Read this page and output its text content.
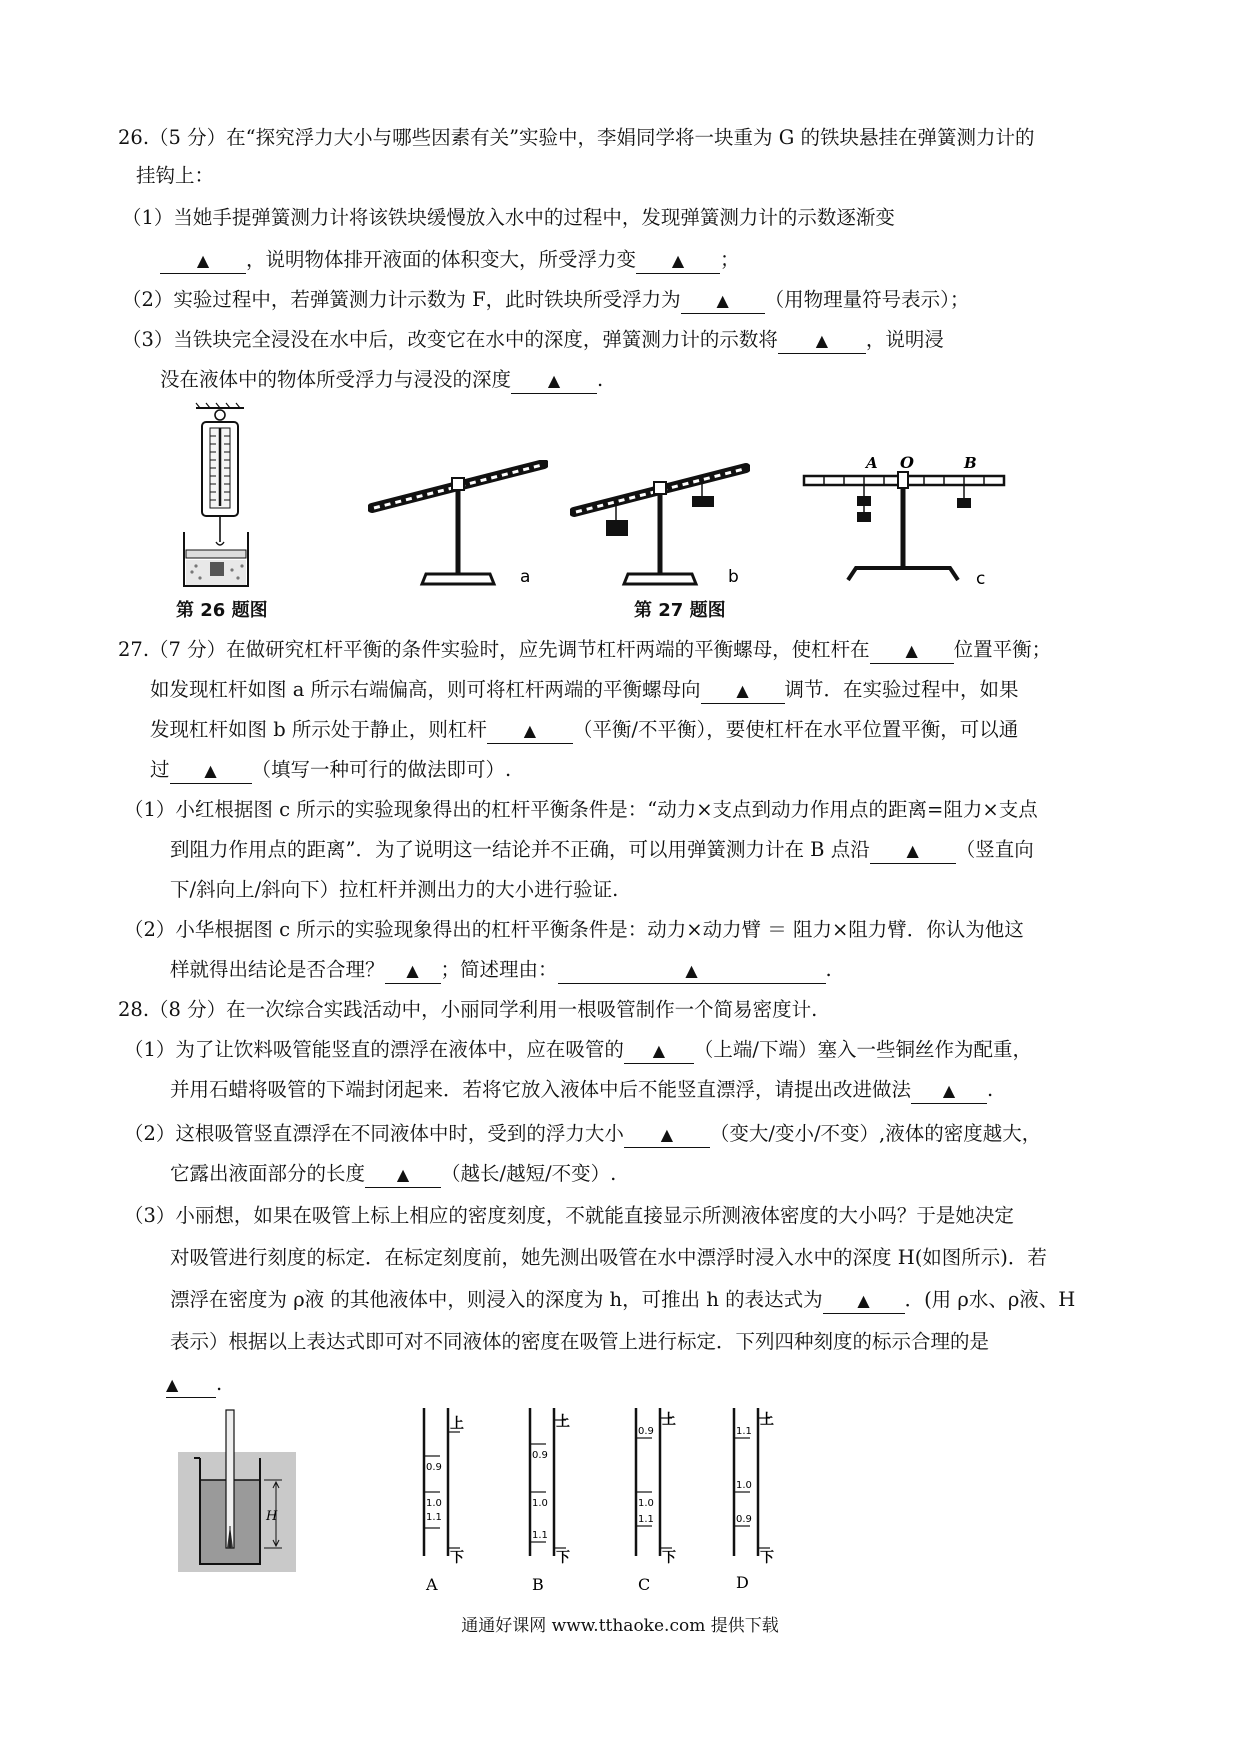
26.（5 分）在“探究浮力大小与哪些因素有关”实验中，李娟同学将一块重为 G 的铁块悬挂在弹簧测力计的
挂钩上：
（1）当她手提弹簧测力计将该铁块缓慢放入水中的过程中，发现弹簧测力计的示数逐渐变
▲ ，说明物体排开液面的体积变大，所受浮力变 ▲ ；
（2）实验过程中，若弹簧测力计示数为 F，此时铁块所受浮力为 ▲ （用物理量符号表示）；
（3）当铁块完全浸没在水中后，改变它在水中的深度，弹簧测力计的示数将 ▲ ，说明浸
没在液体中的物体所受浮力与浸没的深度 ▲ .
a	b
A O	B
c
第 26 题图	第 27 题图
27.（7 分）在做研究杠杆平衡的条件实验时，应先调节杠杆两端的平衡螺母，使杠杆在 ▲ 位置平衡；
如发现杠杆如图 a 所示右端偏高，则可将杠杆两端的平衡螺母向 ▲ 调节．在实验过程中，如果
发现杠杆如图 b 所示处于静止，则杠杆 ▲ （平衡/不平衡），要使杠杆在水平位置平衡，可以通
过 ▲ （填写一种可行的做法即可）.
（1）小红根据图 c 所示的实验现象得出的杠杆平衡条件是：“动力×支点到动力作用点的距离=阻力×支点
到阻力作用点的距离”．为了说明这一结论并不正确，可以用弹簧测力计在 B 点沿 ▲ （竖直向
下/斜向上/斜向下）拉杠杆并测出力的大小进行验证.
（2）小华根据图 c 所示的实验现象得出的杠杆平衡条件是：动力×动力臂 ＝ 阻力×阻力臂．你认为他这
样就得出结论是否合理？ ▲ ；简述理由：	▲	.
28.（8 分）在一次综合实践活动中，小丽同学利用一根吸管制作一个简易密度计.
（1）为了让饮料吸管能竖直的漂浮在液体中，应在吸管的 ▲ （上端/下端）塞入一些铜丝作为配重，
并用石蜡将吸管的下端封闭起来．若将它放入液体中后不能竖直漂浮，请提出改进做法 ▲ .
（2）这根吸管竖直漂浮在不同液体中时，受到的浮力大小 ▲ （变大/变小/不变）,液体的密度越大，
它露出液面部分的长度 ▲ （越长/越短/不变）.
（3）小丽想，如果在吸管上标上相应的密度刻度，不就能直接显示所测液体密度的大小吗？于是她决定
对吸管进行刻度的标定．在标定刻度前，她先测出吸管在水中漂浮时浸入水中的深度 H(如图所示)．若
漂浮在密度为 ρ液 的其他液体中，则浸入的深度为 h，可推出 h 的表达式为 ▲ ．(用 ρ水、ρ液、H
表示）根据以上表达式即可对不同液体的密度在吸管上进行标定．下列四种刻度的标示合理的是
▲ .
H
上
下
0.9
1.0
1.1
A
上
下
0.9
1.0
1.1
B
上
下
0.9
1.0
1.1
C
上
下
1.1
1.0
0.9
D
通通好课网 www.tthaoke.com 提供下载
